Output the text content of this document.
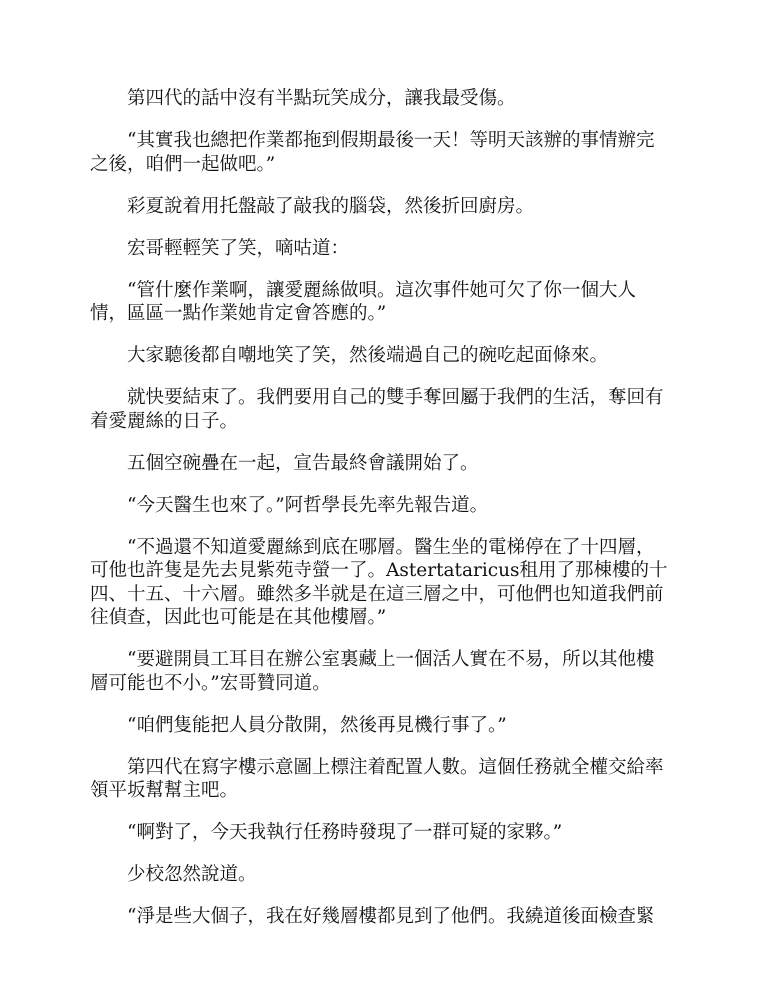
第四代的話中沒有半點玩笑成分，讓我最受傷。

“其實我也總把作業都拖到假期最後一天！等明天該辦的事情辦完之後，咱們一起做吧。”

彩夏說着用托盤敲了敲我的腦袋，然後折回廚房。

宏哥輕輕笑了笑，嘀咕道：

“管什麼作業啊，讓愛麗絲做唄。這次事件她可欠了你一個大人情，區區一點作業她肯定會答應的。”

大家聽後都自嘲地笑了笑，然後端過自己的碗吃起面條來。

就快要結束了。我們要用自己的雙手奪回屬于我們的生活，奪回有着愛麗絲的日子。

五個空碗疊在一起，宣告最終會議開始了。

“今天醫生也來了。”阿哲學長先率先報告道。

“不過還不知道愛麗絲到底在哪層。醫生坐的電梯停在了十四層，可他也許隻是先去見紫苑寺螢一了。Astertataricus租用了那棟樓的十四、十五、十六層。雖然多半就是在這三層之中，可他們也知道我們前往偵查，因此也可能是在其他樓層。”

“要避開員工耳目在辦公室裏藏上一個活人實在不易，所以其他樓層可能也不小。”宏哥贊同道。

“咱們隻能把人員分散開，然後再見機行事了。”

第四代在寫字樓示意圖上標注着配置人數。這個任務就全權交給率領平坂幫幫主吧。

“啊對了，今天我執行任務時發現了一群可疑的家夥。”

少校忽然說道。

“淨是些大個子，我在好幾層樓都見到了他們。我繞道後面檢查緊
